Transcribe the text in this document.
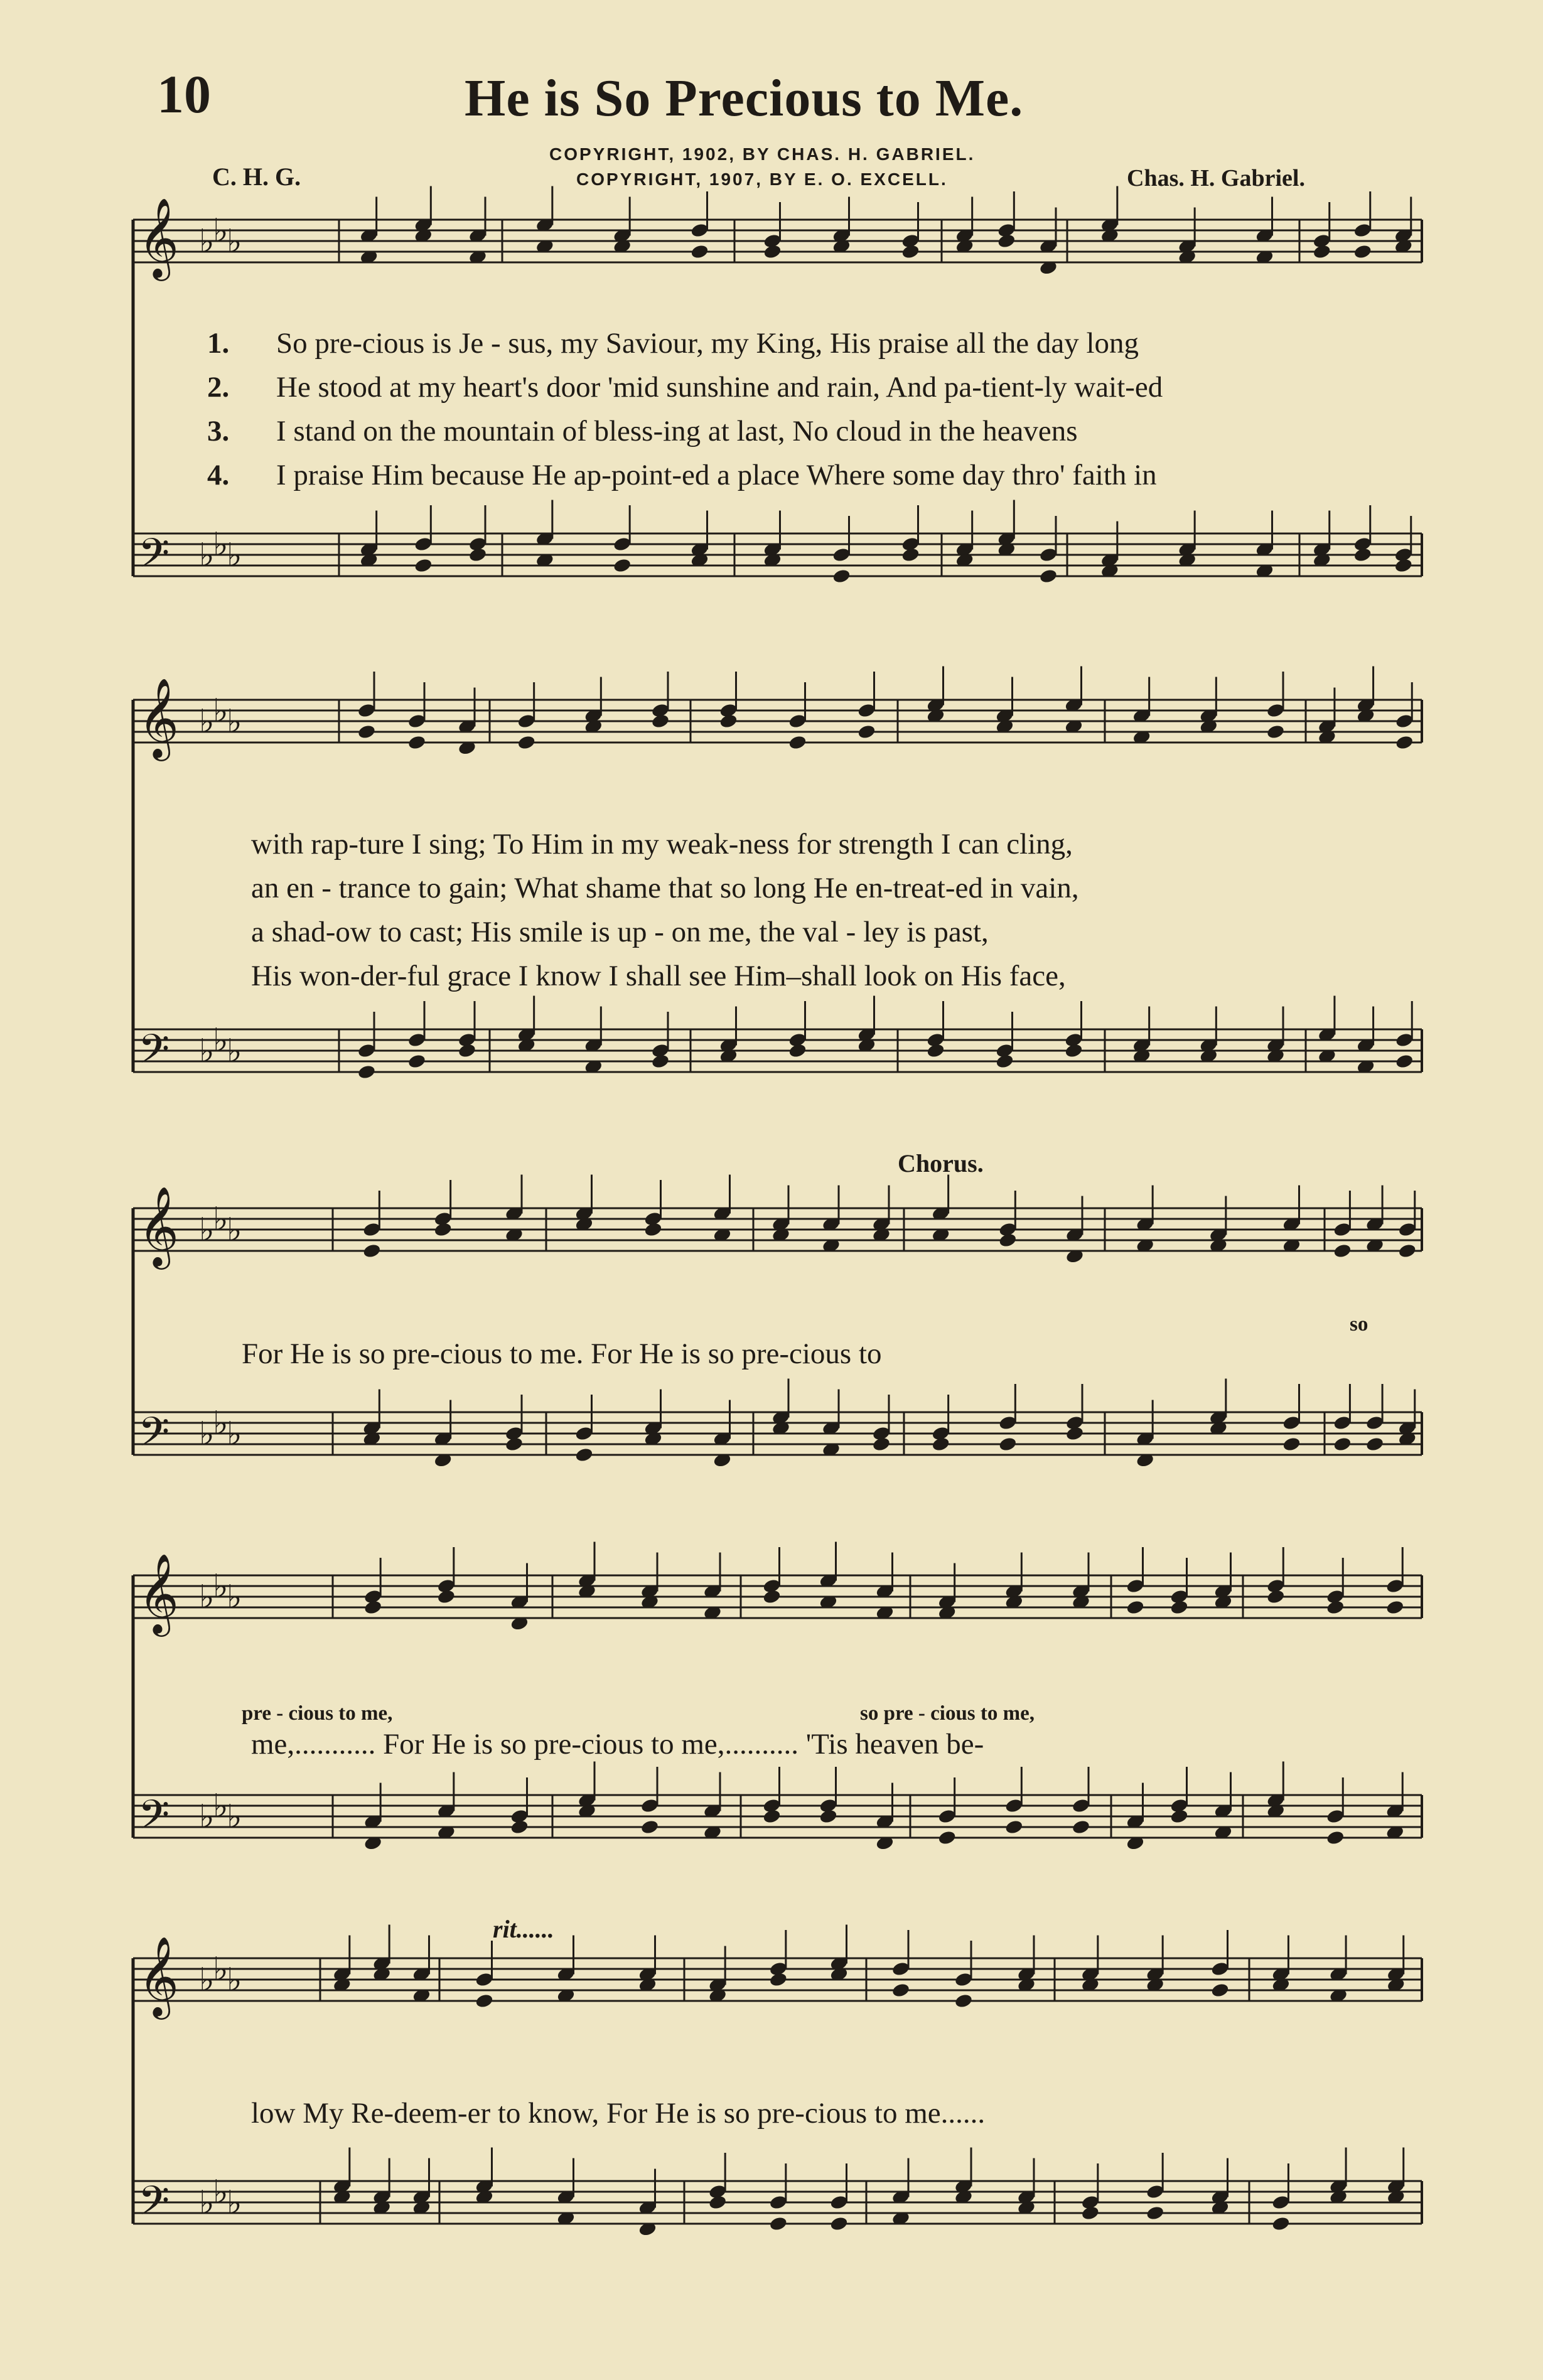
10	He is So Precious to Me.
COPYRIGHT, 1902, BY CHAS. H. GABRIEL.
COPYRIGHT, 1907, BY E. O. EXCELL.
C. H. G.	Chas. H. Gabriel.
𝄞 ♭
♭
♭
𝄢 ♭
♭
♭
𝄞 ♭
♭
♭
𝄢 ♭
♭
♭
𝄞 ♭
♭
♭
𝄢 ♭
♭
♭
𝄞 ♭
♭
♭
𝄢 ♭
♭
♭
𝄞 ♭
♭
♭
𝄢 ♭
♭
♭
1. So pre-cious is Je - sus, my Saviour, my King, His praise all the day long
2. He stood at my heart's door 'mid sunshine and rain, And pa-tient-ly wait-ed
3. I stand on the mountain of bless-ing at last, No cloud in the heavens
4. I praise Him because He ap-point-ed a place Where some day thro' faith in
with rap-ture I sing; To Him in my weak-ness for strength I can cling,
an en - trance to gain; What shame that so long He en-treat-ed in vain,
a shad-ow to cast; His smile is up - on me, the val - ley is past,
His won-der-ful grace I know I shall see Him–shall look on His face,
Chorus.
For He is so pre-cious to me. For He is so pre-cious to
so
pre - cious to me,	so pre - cious to me,
me,........... For He is so pre-cious to me,.......... 'Tis heaven be-
rit......
low My Re-deem-er to know, For He is so pre-cious to me......
